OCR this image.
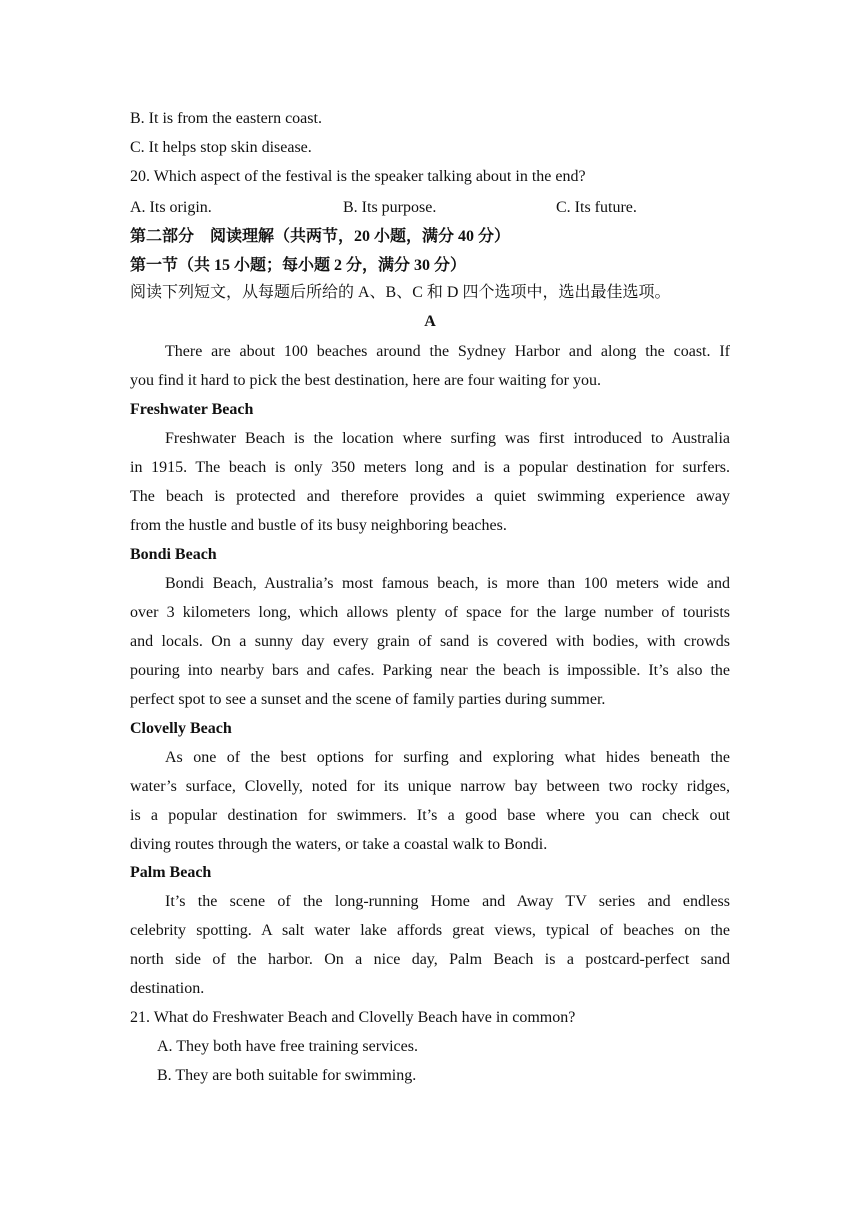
B. It is from the eastern coast.
C. It helps stop skin disease.
20. Which aspect of the festival is the speaker talking about in the end?
A. Its origin.	B. Its purpose.	C. Its future.
第二部分　阅读理解（共两节，20 小题，满分 40 分）
第一节（共 15 小题；每小题 2 分，满分 30 分）
阅读下列短文，从每题后所给的 A、B、C 和 D 四个选项中，选出最佳选项。
A
There are about 100 beaches around the Sydney Harbor and along the coast. If
you find it hard to pick the best destination, here are four waiting for you.
Freshwater Beach
Freshwater Beach is the location where surfing was first introduced to Australia
in 1915. The beach is only 350 meters long and is a popular destination for surfers.
The beach is protected and therefore provides a quiet swimming experience away
from the hustle and bustle of its busy neighboring beaches.
Bondi Beach
Bondi Beach, Australia’s most famous beach, is more than 100 meters wide and
over 3 kilometers long, which allows plenty of space for the large number of tourists
and locals. On a sunny day every grain of sand is covered with bodies, with crowds
pouring into nearby bars and cafes. Parking near the beach is impossible. It’s also the
perfect spot to see a sunset and the scene of family parties during summer.
Clovelly Beach
As one of the best options for surfing and exploring what hides beneath the
water’s surface, Clovelly, noted for its unique narrow bay between two rocky ridges,
is a popular destination for swimmers. It’s a good base where you can check out
diving routes through the waters, or take a coastal walk to Bondi.
Palm Beach
It’s the scene of the long-running Home and Away TV series and endless
celebrity spotting. A salt water lake affords great views, typical of beaches on the
north side of the harbor. On a nice day, Palm Beach is a postcard-perfect sand
destination.
21. What do Freshwater Beach and Clovelly Beach have in common?
A. They both have free training services.
B. They are both suitable for swimming.
